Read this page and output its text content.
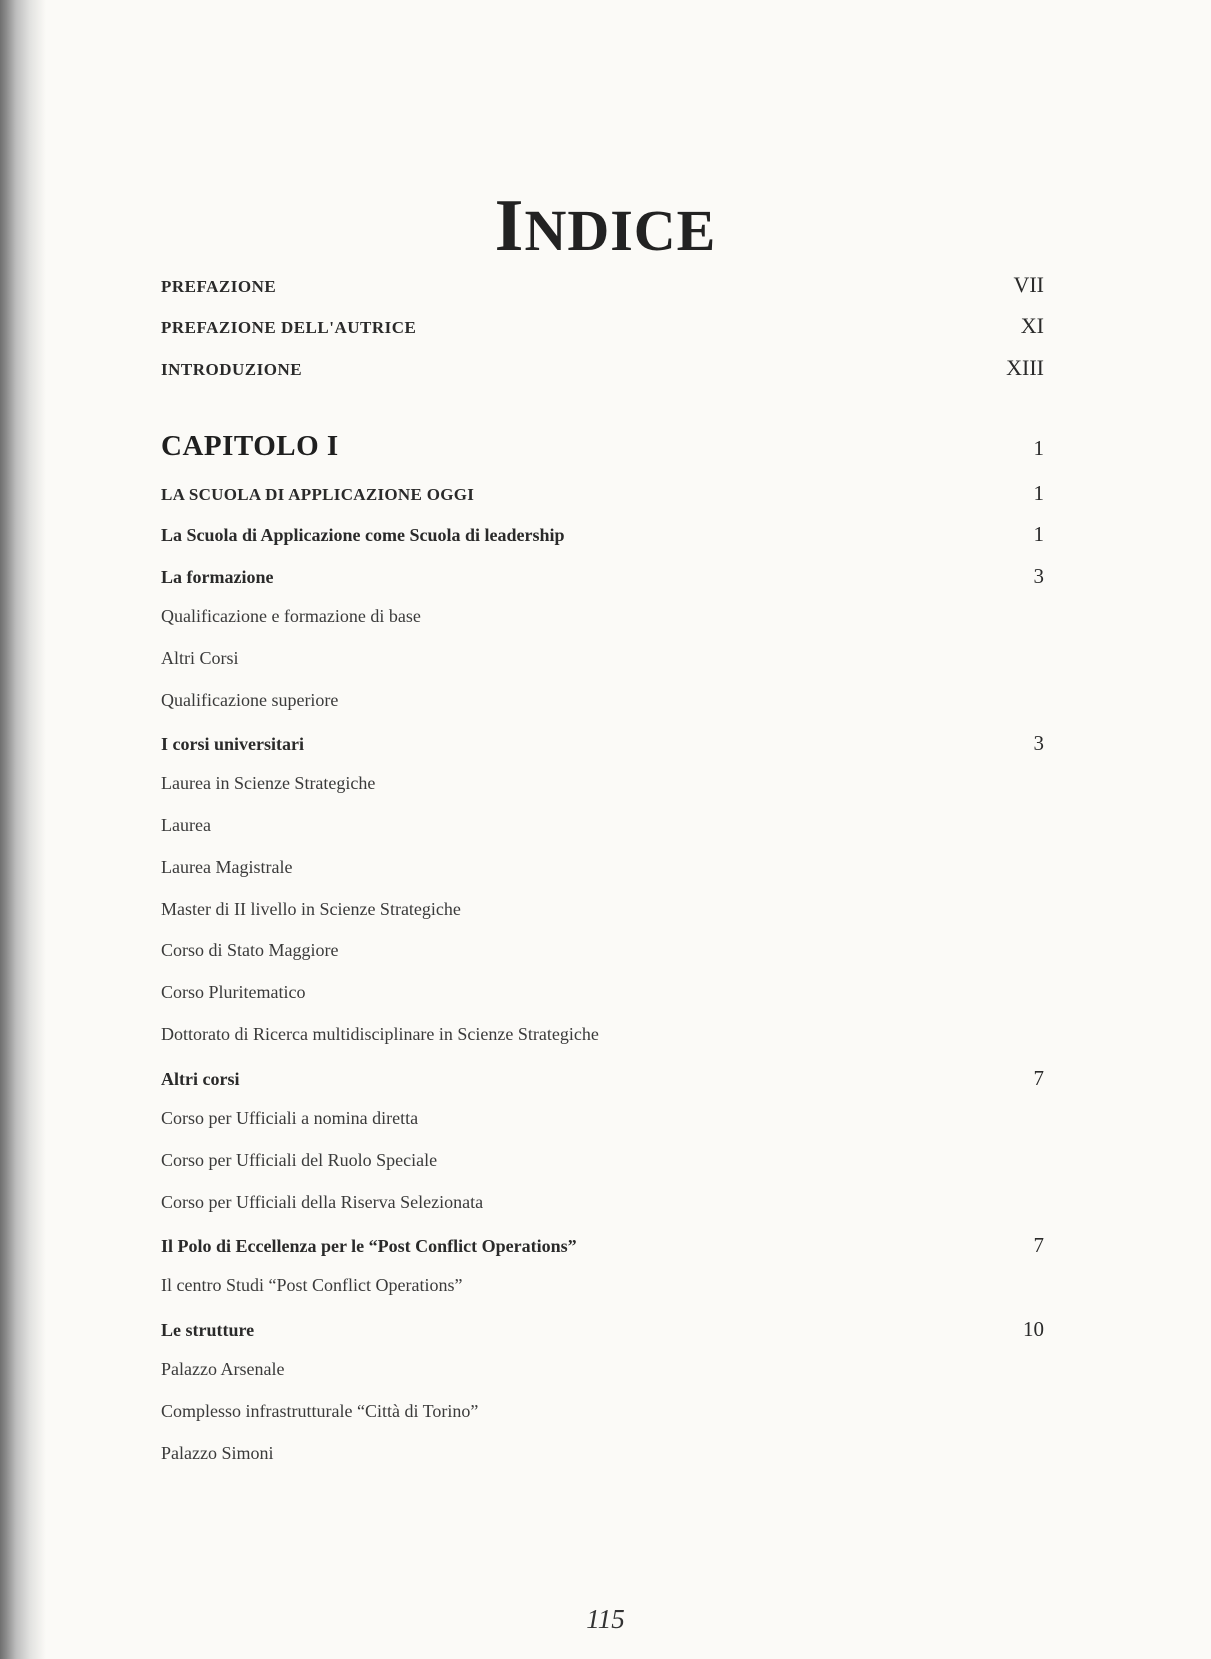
INDICE
PREFAZIONE	VII
PREFAZIONE DELL'AUTRICE	XI
INTRODUZIONE	XIII
CAPITOLO I	1
LA SCUOLA DI APPLICAZIONE OGGI	1
La Scuola di Applicazione come Scuola di leadership	1
La formazione	3
Qualificazione e formazione di base
Altri Corsi
Qualificazione superiore
I corsi universitari	3
Laurea in Scienze Strategiche
Laurea
Laurea Magistrale
Master di II livello in Scienze Strategiche
Corso di Stato Maggiore
Corso Pluritematico
Dottorato di Ricerca multidisciplinare in Scienze Strategiche
Altri corsi	7
Corso per Ufficiali a nomina diretta
Corso per Ufficiali del Ruolo Speciale
Corso per Ufficiali della Riserva Selezionata
Il Polo di Eccellenza per le “Post Conflict Operations”	7
Il centro Studi “Post Conflict Operations”
Le strutture	10
Palazzo Arsenale
Complesso infrastrutturale “Città di Torino”
Palazzo Simoni
115
